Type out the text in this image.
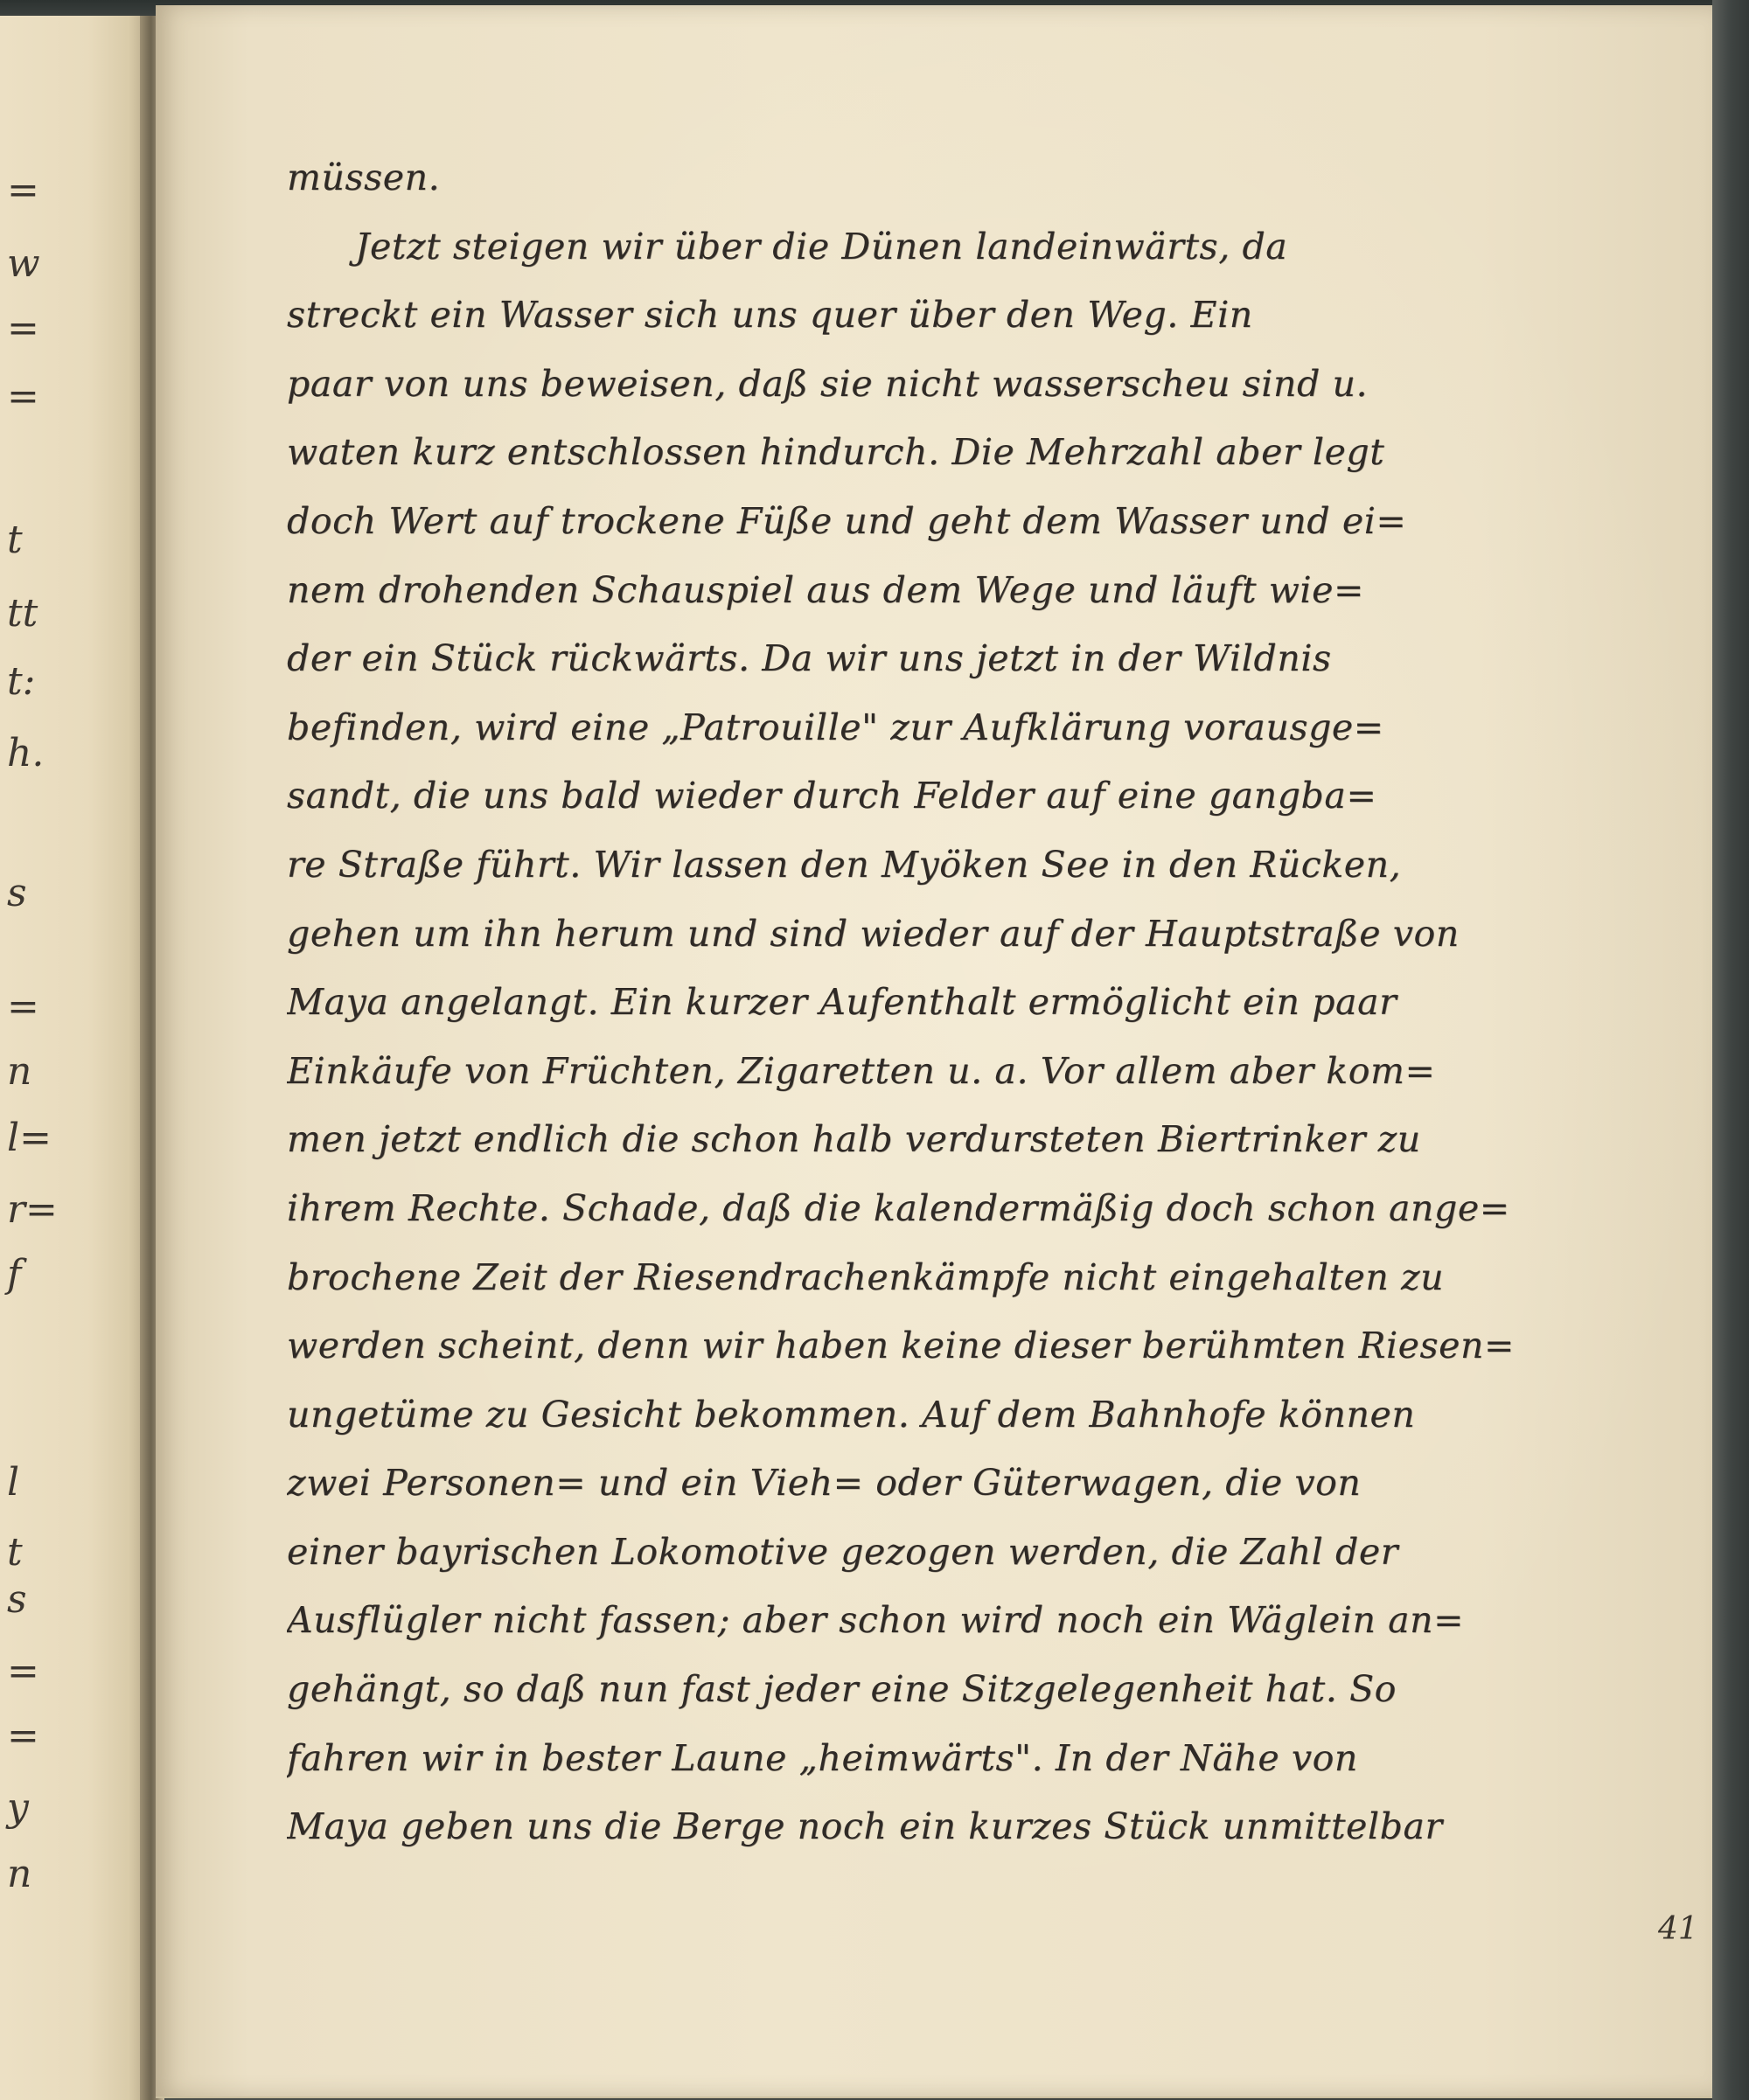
=
w
=
=
t
tt
t:
h.
s
=
n
l=
r=
f
l
t
s
=
=
y
n
müssen.
Jetzt steigen wir über die Dünen landeinwärts, da
streckt ein Wasser sich uns quer über den Weg. Ein
paar von uns beweisen, daß sie nicht wasserscheu sind u.
waten kurz entschlossen hindurch. Die Mehrzahl aber legt
doch Wert auf trockene Füße und geht dem Wasser und ei=
nem drohenden Schauspiel aus dem Wege und läuft wie=
der ein Stück rückwärts. Da wir uns jetzt in der Wildnis
befinden, wird eine „Patrouille" zur Aufklärung vorausge=
sandt, die uns bald wieder durch Felder auf eine gangba=
re Straße führt. Wir lassen den Myöken See in den Rücken,
gehen um ihn herum und sind wieder auf der Hauptstraße von
Maya angelangt. Ein kurzer Aufenthalt ermöglicht ein paar
Einkäufe von Früchten, Zigaretten u. a. Vor allem aber kom=
men jetzt endlich die schon halb verdursteten Biertrinker zu
ihrem Rechte. Schade, daß die kalendermäßig doch schon ange=
brochene Zeit der Riesendrachenkämpfe nicht eingehalten zu
werden scheint, denn wir haben keine dieser berühmten Riesen=
ungetüme zu Gesicht bekommen. Auf dem Bahnhofe können
zwei Personen= und ein Vieh= oder Güterwagen, die von
einer bayrischen Lokomotive gezogen werden, die Zahl der
Ausflügler nicht fassen; aber schon wird noch ein Wäglein an=
gehängt, so daß nun fast jeder eine Sitzgelegenheit hat. So
fahren wir in bester Laune „heimwärts". In der Nähe von
Maya geben uns die Berge noch ein kurzes Stück unmittelbar
41
